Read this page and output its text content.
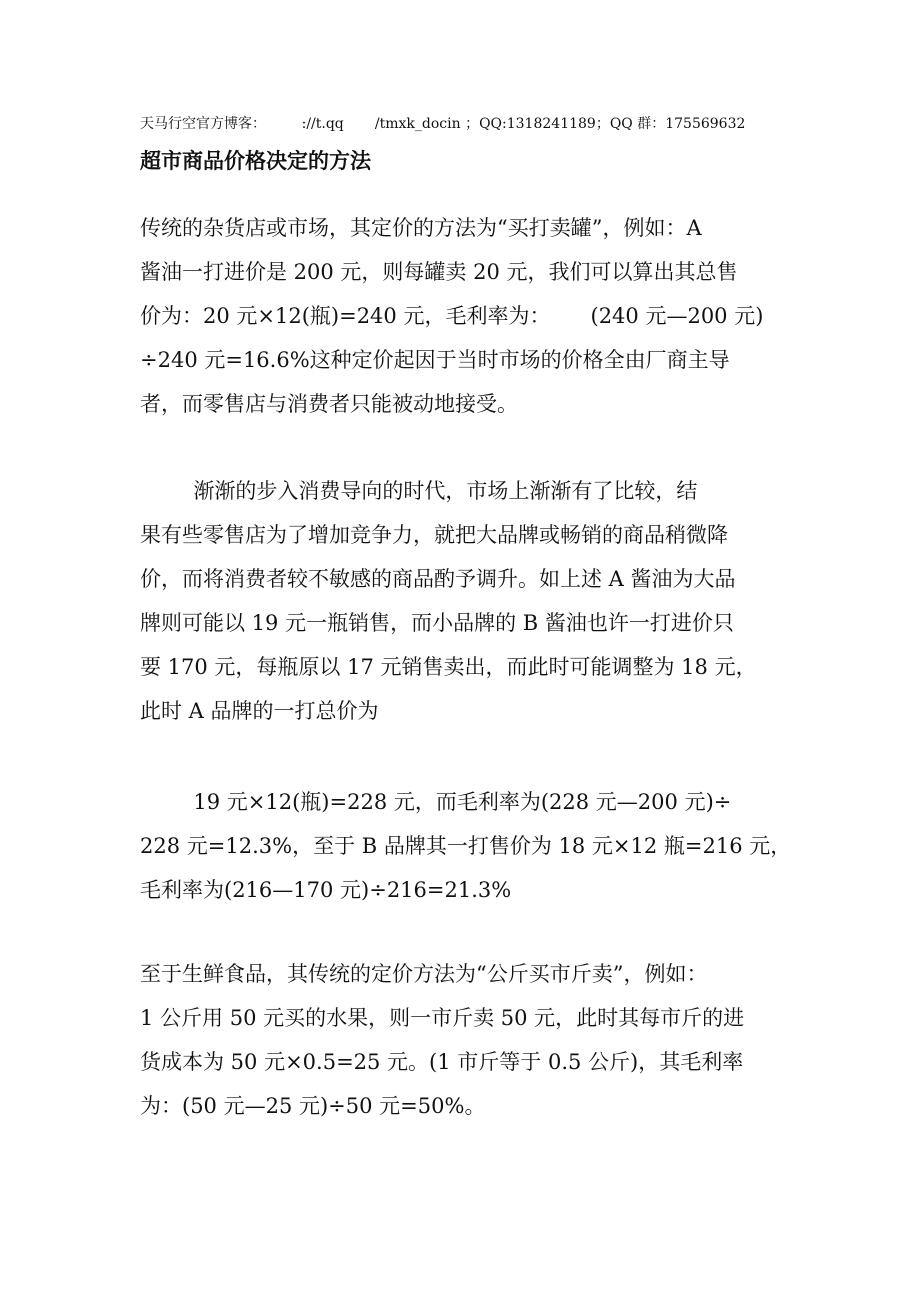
天马行空官方博客：        ://t.qq       /tmxk_docin ；QQ:1318241189；QQ 群：175569632
超市商品价格决定的方法
传统的杂货店或市场，其定价的方法为“买打卖罐”，例如：A
酱油一打进价是 200 元，则每罐卖 20 元，我们可以算出其总售
价为：20 元×12(瓶)=240 元，毛利率为：      (240 元—200 元)
÷240 元=16.6%这种定价起因于当时市场的价格全由厂商主导
者，而零售店与消费者只能被动地接受。
渐渐的步入消费导向的时代，市场上渐渐有了比较，结
果有些零售店为了增加竞争力，就把大品牌或畅销的商品稍微降
价，而将消费者较不敏感的商品酌予调升。如上述 A 酱油为大品
牌则可能以 19 元一瓶销售，而小品牌的 B 酱油也许一打进价只
要 170 元，每瓶原以 17 元销售卖出，而此时可能调整为 18 元，
此时 A 品牌的一打总价为
19 元×12(瓶)=228 元，而毛利率为(228 元—200 元)÷
228 元=12.3%，至于 B 品牌其一打售价为 18 元×12 瓶=216 元，
毛利率为(216—170 元)÷216=21.3%
至于生鲜食品，其传统的定价方法为“公斤买市斤卖”，例如：
1 公斤用 50 元买的水果，则一市斤卖 50 元，此时其每市斤的进
货成本为 50 元×0.5=25 元。(1 市斤等于 0.5 公斤)，其毛利率
为：(50 元—25 元)÷50 元=50%。
